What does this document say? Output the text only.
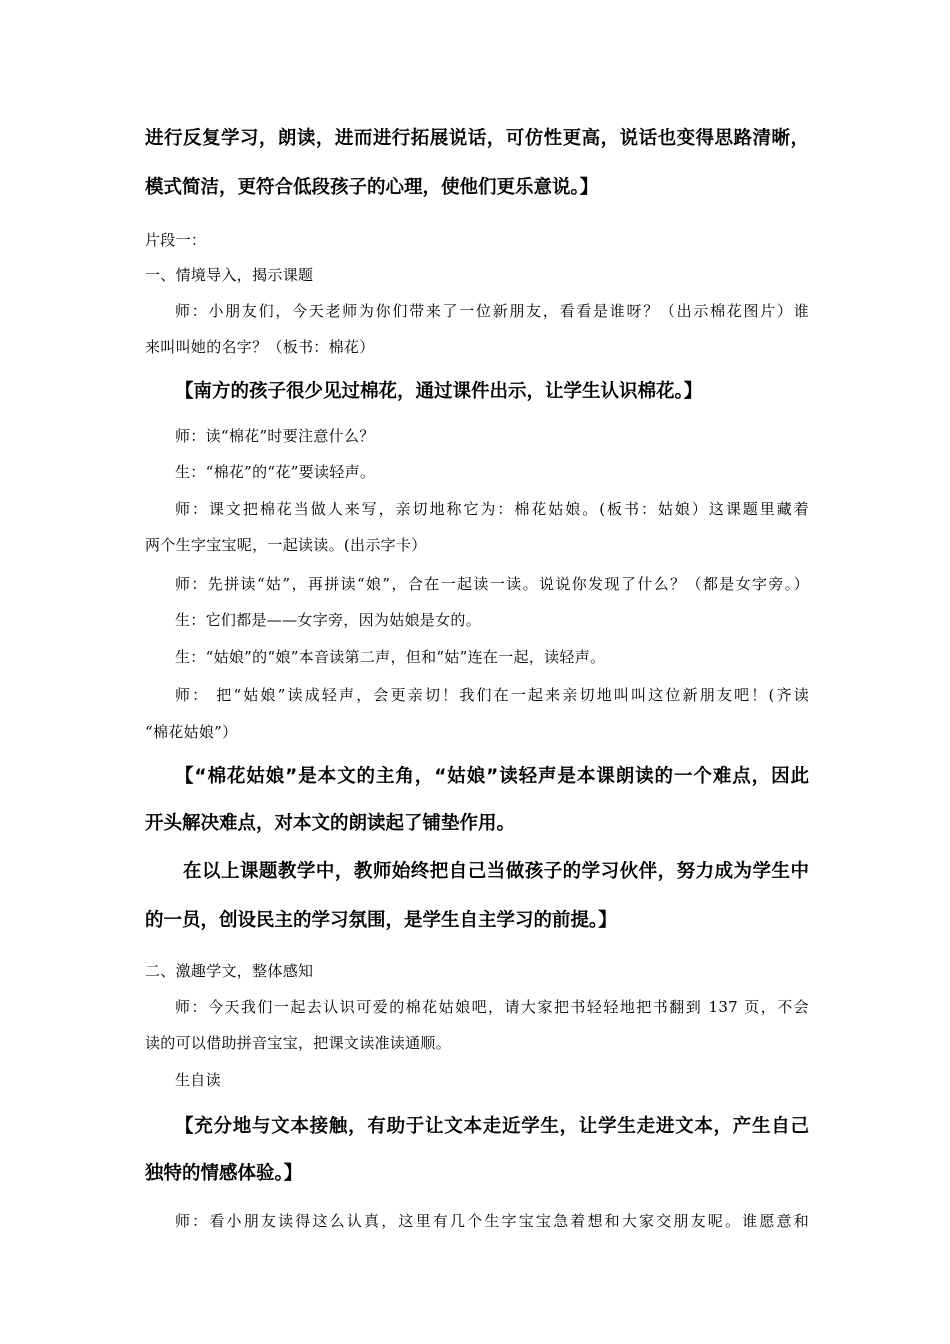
进行反复学习，朗读，进而进行拓展说话，可仿性更高，说话也变得思路清晰，
模式简洁，更符合低段孩子的心理，使他们更乐意说。】
片段一：
一、情境导入，揭示课题
师：小朋友们，今天老师为你们带来了一位新朋友，看看是谁呀？（出示棉花图片）谁
来叫叫她的名字？（板书：棉花）
【南方的孩子很少见过棉花，通过课件出示，让学生认识棉花。】
师：读“棉花”时要注意什么？
生：“棉花”的“花”要读轻声。
师：课文把棉花当做人来写，亲切地称它为：棉花姑娘。(板书：姑娘）这课题里藏着
两个生字宝宝呢，一起读读。(出示字卡）
师：先拼读“姑”，再拼读“娘”，合在一起读一读。说说你发现了什么？（都是女字旁。）
生：它们都是——女字旁，因为姑娘是女的。
生：“姑娘”的“娘”本音读第二声，但和“姑”连在一起，读轻声。
师： 把“姑娘”读成轻声，会更亲切！我们在一起来亲切地叫叫这位新朋友吧！(齐读
“棉花姑娘”）
【“棉花姑娘”是本文的主角，“姑娘”读轻声是本课朗读的一个难点，因此
开头解决难点，对本文的朗读起了铺垫作用。
在以上课题教学中，教师始终把自己当做孩子的学习伙伴，努力成为学生中
的一员，创设民主的学习氛围，是学生自主学习的前提。】
二、激趣学文，整体感知
师：今天我们一起去认识可爱的棉花姑娘吧，请大家把书轻轻地把书翻到 137 页，不会
读的可以借助拼音宝宝，把课文读准读通顺。
生自读
【充分地与文本接触，有助于让文本走近学生，让学生走进文本，产生自己
独特的情感体验。】
师：看小朋友读得这么认真，这里有几个生字宝宝急着想和大家交朋友呢。谁愿意和
